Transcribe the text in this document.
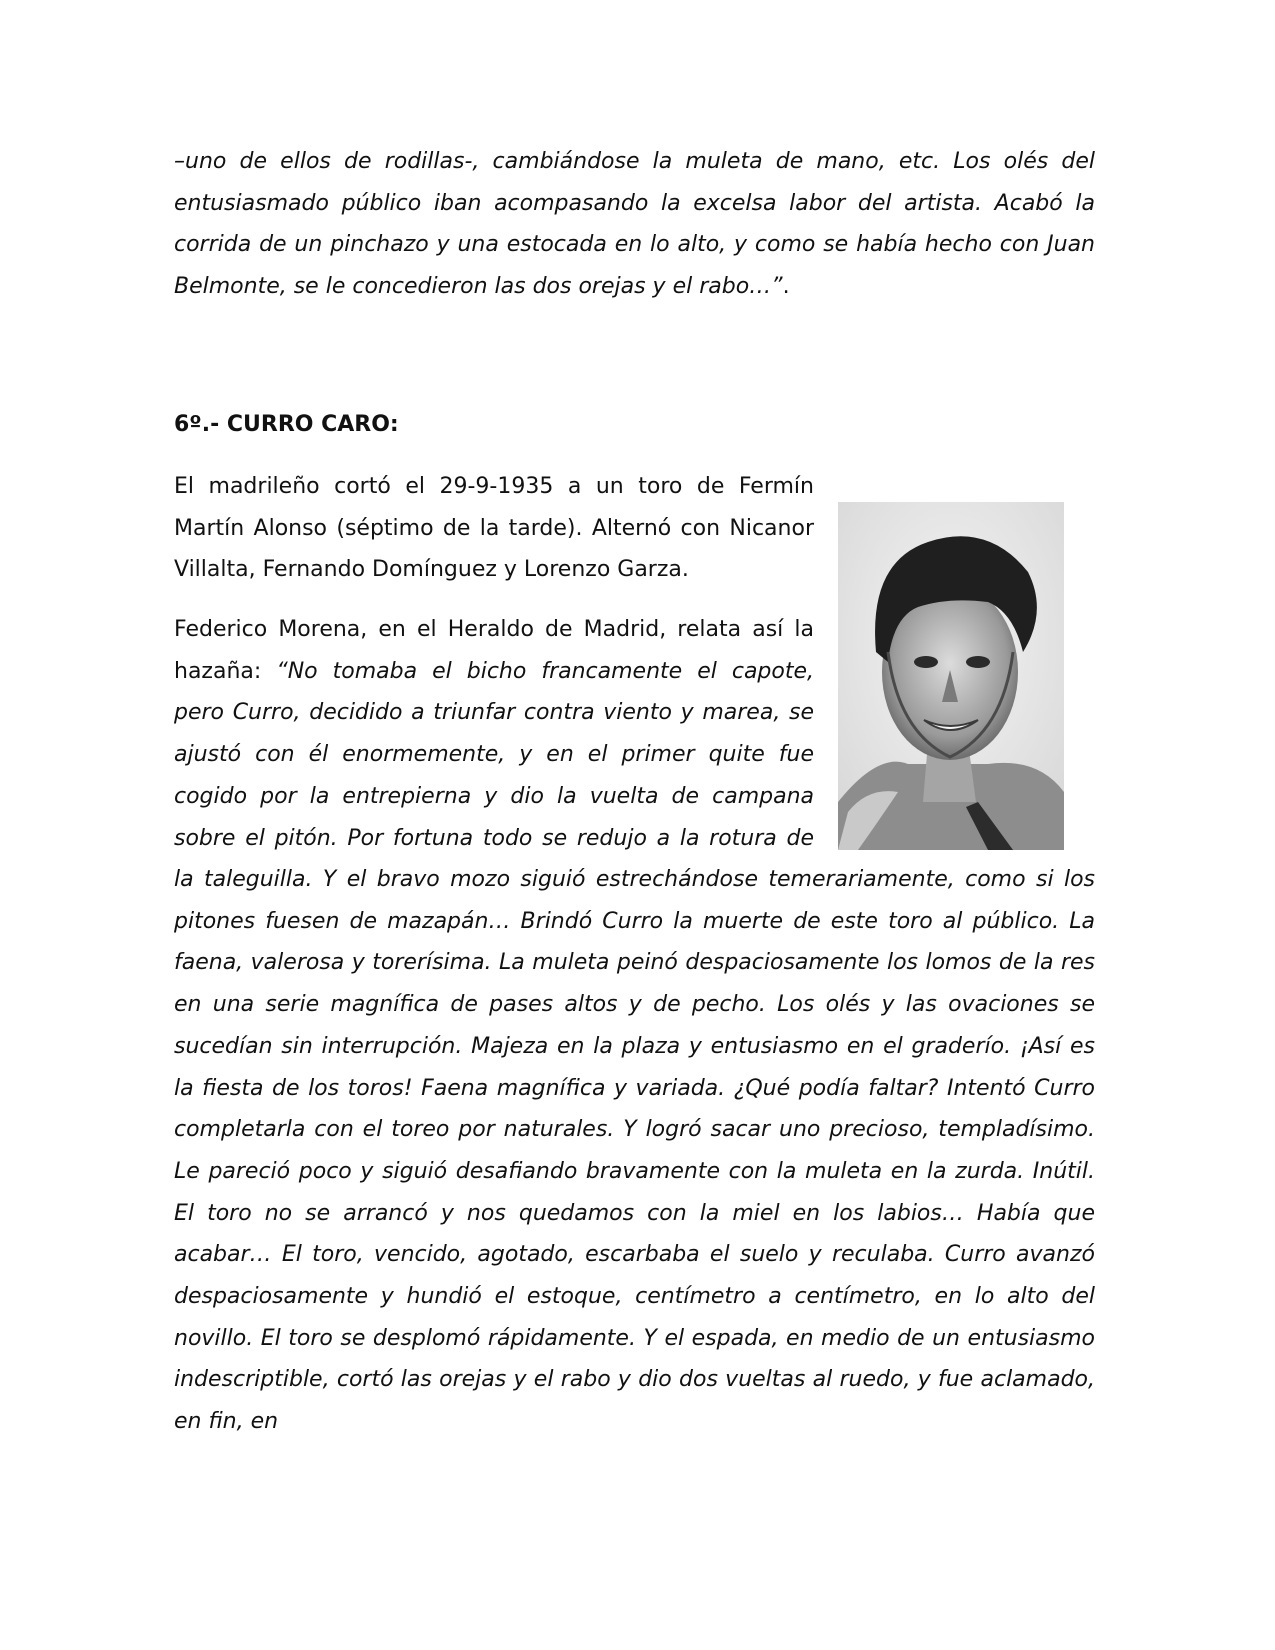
–uno de ellos de rodillas-, cambiándose la muleta de mano, etc. Los olés del entusiasmado público iban acompasando la excelsa labor del artista. Acabó la corrida de un pinchazo y una estocada en lo alto, y como se había hecho con Juan Belmonte, se le concedieron las dos orejas y el rabo…”.

6º.- CURRO CARO:

El madrileño cortó el 29-9-1935 a un toro de Fermín Martín Alonso (séptimo de la tarde). Alternó con Nicanor Villalta, Fernando Domínguez y Lorenzo Garza.

Federico Morena, en el Heraldo de Madrid, relata así la hazaña: “No tomaba el bicho francamente el capote, pero Curro, decidido a triunfar contra viento y marea, se ajustó con él enormemente, y en el primer quite fue cogido por la entrepierna y dio la vuelta de campana sobre el pitón. Por fortuna todo se redujo a la rotura de

la taleguilla. Y el bravo mozo siguió estrechándose temerariamente, como si los pitones fuesen de mazapán… Brindó Curro la muerte de este toro al público. La faena, valerosa y torerísima. La muleta peinó despaciosamente los lomos de la res en una serie magnífica de pases altos y de pecho. Los olés y las ovaciones se sucedían sin interrupción. Majeza en la plaza y entusiasmo en el graderío. ¡Así es la fiesta de los toros! Faena magnífica y variada. ¿Qué podía faltar? Intentó Curro completarla con el toreo por naturales. Y logró sacar uno precioso, templadísimo. Le pareció poco y siguió desafiando bravamente con la muleta en la zurda. Inútil. El toro no se arrancó y nos quedamos con la miel en los labios… Había que acabar… El toro, vencido, agotado, escarbaba el suelo y reculaba. Curro avanzó despaciosamente y hundió el estoque, centímetro a centímetro, en lo alto del novillo. El toro se desplomó rápidamente. Y el espada, en medio de un entusiasmo indescriptible, cortó las orejas y el rabo y dio dos vueltas al ruedo, y fue aclamado, en fin, en
